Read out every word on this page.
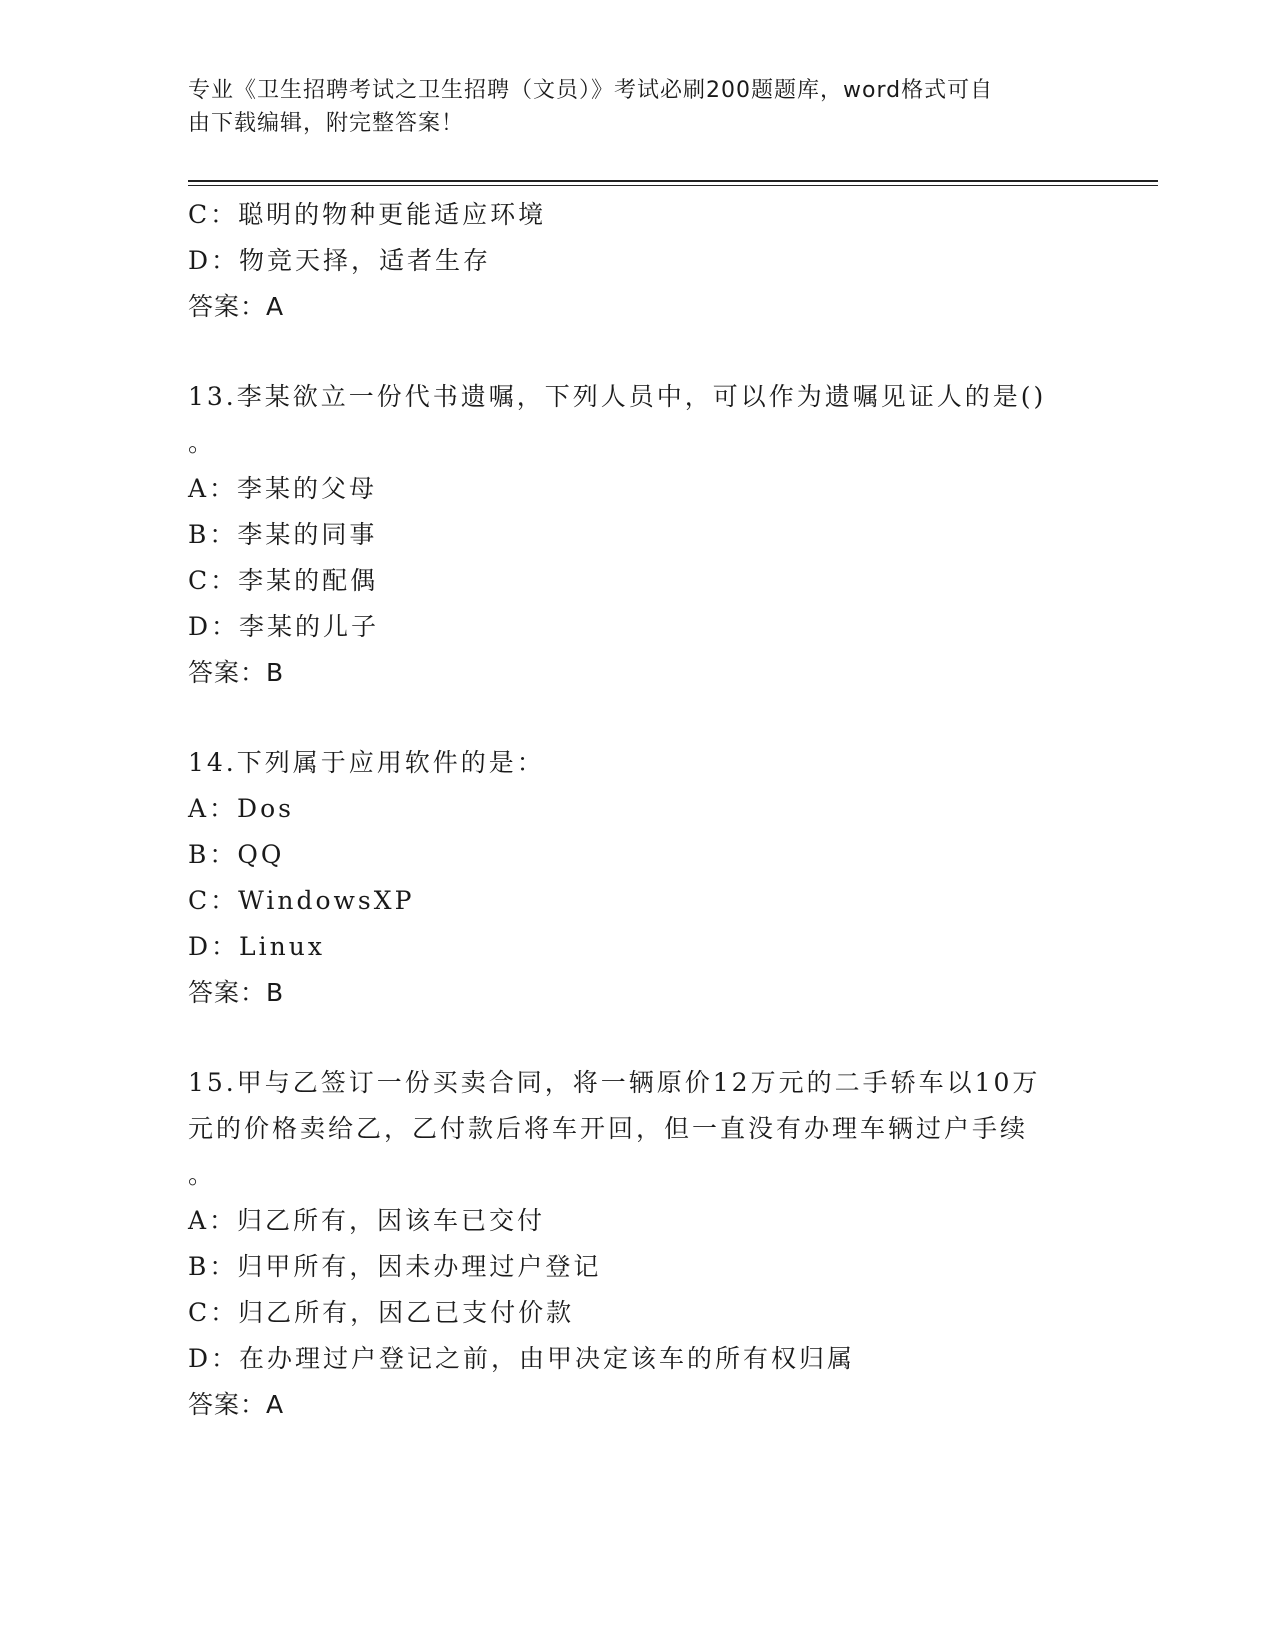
专业《卫生招聘考试之卫生招聘（文员）》考试必刷200题题库，word格式可自
由下载编辑，附完整答案！
C：聪明的物种更能适应环境
D：物竞天择，适者生存
答案：A
13.李某欲立一份代书遗嘱，下列人员中，可以作为遗嘱见证人的是()
。
A：李某的父母
B：李某的同事
C：李某的配偶
D：李某的儿子
答案：B
14.下列属于应用软件的是：
A：Dos
B：QQ
C：WindowsXP
D：Linux
答案：B
15.甲与乙签订一份买卖合同，将一辆原价12万元的二手轿车以10万
元的价格卖给乙，乙付款后将车开回，但一直没有办理车辆过户手续
。
A：归乙所有，因该车已交付
B：归甲所有，因未办理过户登记
C：归乙所有，因乙已支付价款
D：在办理过户登记之前，由甲决定该车的所有权归属
答案：A
